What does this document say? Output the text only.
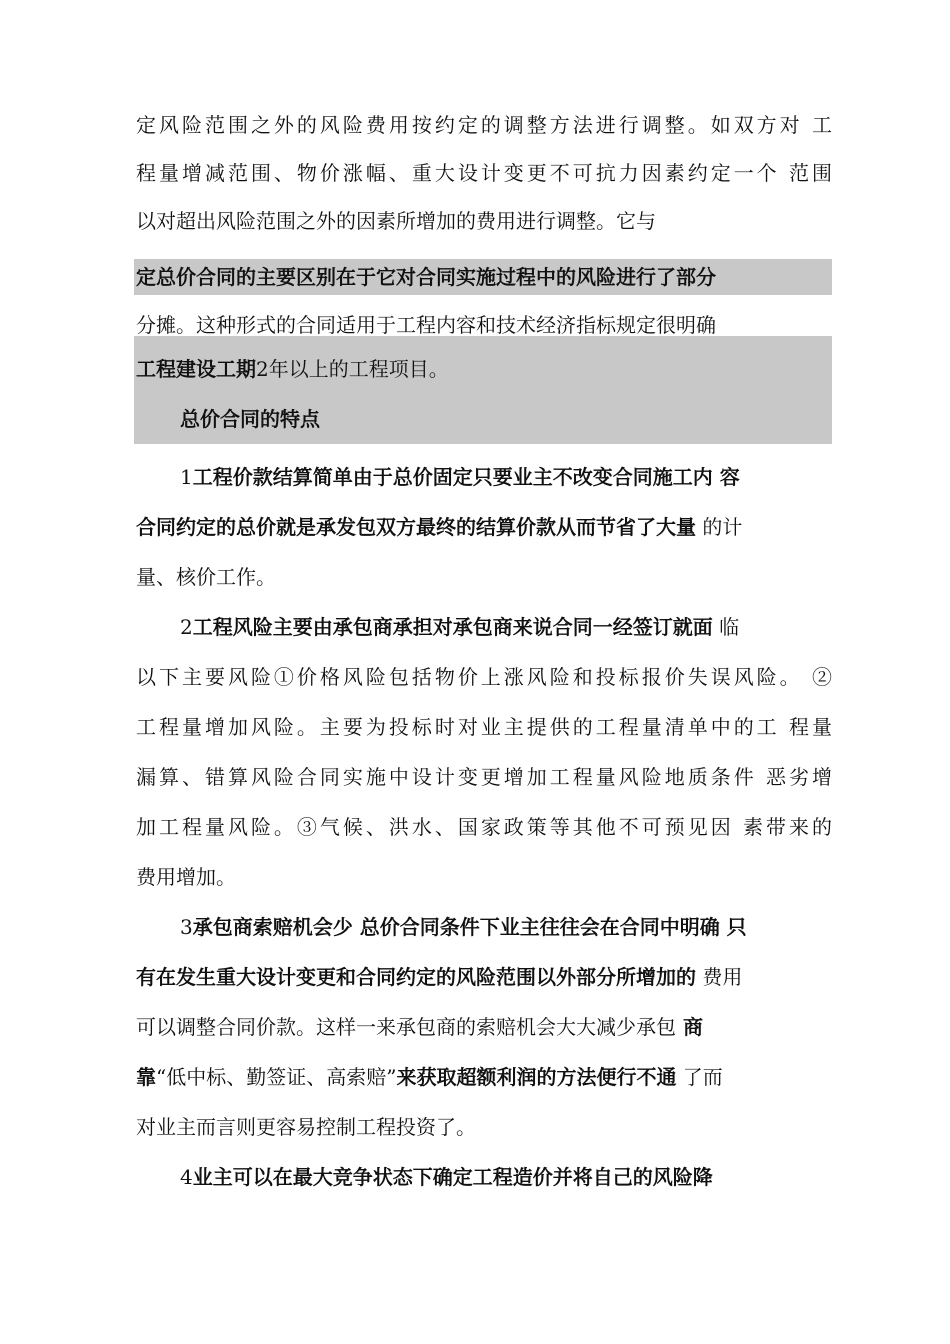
定风险范围之外的风险费用按约定的调整方法进行调整。如双方对 工
程量增减范围、物价涨幅、重大设计变更不可抗力因素约定一个 范围
以对超出风险范围之外的因素所增加的费用进行调整。它与
定总价合同的主要区别在于它对合同实施过程中的风险进行了部分
分摊。这种形式的合同适用于工程内容和技术经济指标规定很明确
工程建设工期2年以上的工程项目。
总价合同的特点
1工程价款结算简单由于总价固定只要业主不改变合同施工内 容
合同约定的总价就是承发包双方最终的结算价款从而节省了大量 的计
量、核价工作。
2工程风险主要由承包商承担对承包商来说合同一经签订就面 临
以下主要风险①价格风险包括物价上涨风险和投标报价失误风险。 ②
工程量增加风险。主要为投标时对业主提供的工程量清单中的工 程量
漏算、错算风险合同实施中设计变更增加工程量风险地质条件 恶劣增
加工程量风险。③气候、洪水、国家政策等其他不可预见因 素带来的
费用增加。
3承包商索赔机会少 总价合同条件下业主往往会在合同中明确 只
有在发生重大设计变更和合同约定的风险范围以外部分所增加的 费用
可以调整合同价款。这样一来承包商的索赔机会大大减少承包 商
靠“低中标、勤签证、高索赔”来获取超额利润的方法便行不通 了而
对业主而言则更容易控制工程投资了。
4业主可以在最大竞争状态下确定工程造价并将自己的风险降
